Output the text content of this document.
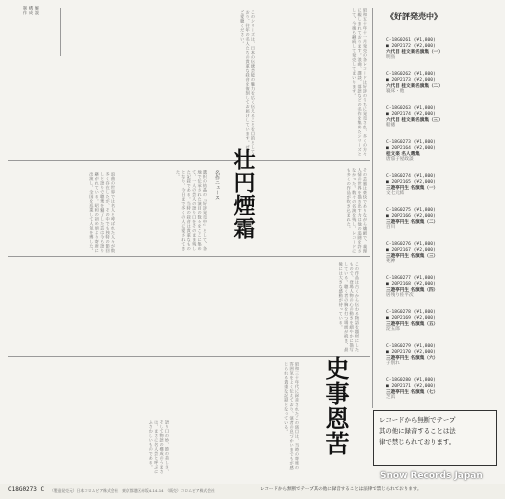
解説
構成
制作	昭和五十年十一月発売の各レコードは好評のうちに発売され、多くの方々に親しまれております。浪曲、講談、落語などの名作を集めたシリーズとして、今後も継続して発売してまいります。
このシリーズは、日本の伝統芸能の魅力を広く伝えることを目的としており、往年の名人たちの貴重な録音を復刻してお届けしています。ぜひご愛聴ください。
壮円煙霜
名作ニュース
選択の結晶の『好評発売中』として、各地で伝承された演目の数々をここに集めて、一人の芸人の語り口をそのまま残した記録である。当時の録音は貴重なものとなり、今日まで多くの人に愛されてきた。
浪曲の世界では名人と呼ばれた人々が数多く存在したが、その中でも独特の節回しと語りで聴衆を魅了した芸は今も語り継がれている。昭和の初め頃より寄席に出演し、全国を巡業して人気を博した。	その芸風は豪快でありながら繊細で、義理人情の世界を描き出す力は他の追随を許さなかった。数々の名演を残し、レコードにも多くの作品が吹き込まれた。
この作品は古くから伝わる物語を題材にしたもので、登場人物の心の動きを細やかに描写している。聴く者の胸を打つ場面が続き、最後には大きな感動が待っている。
史事恩苦
昭和三十年代に録音されたこの演目は、当時の寄席の雰囲気をよく伝えており、演者の息づかいまでもが感じられる貴重な記録となっている。
語り口の妙、節の美しさ、そして物語の構成のうまさは、まさに名人芸と呼ぶにふさわしいものである。
《好評発売中》
C-18G0261 (¥1,800)
■ 20P2172 (¥2,000)
六代目 桂文楽名演集（一）
明鳥
C-18G0262 (¥1,800)
■ 20P2173 (¥2,000)
六代目 桂文楽名演集（二）
寝床・他
C-18G0263 (¥1,800)
■ 20P2174 (¥2,000)
六代目 桂文楽名演集（三）
船徳
C-18G0273 (¥1,800)
■ 20P2164 (¥2,000)
桂文楽 名人選集
唐茄子屋政談
C-18G0274 (¥1,800)
■ 20P2165 (¥2,000)
三遊亭円生 名演集（一）
文七元結
C-18G0275 (¥1,800)
■ 20P2166 (¥2,000)
三遊亭円生 名演集（二）
百川
C-18G0276 (¥1,800)
■ 20P2167 (¥2,000)
三遊亭円生 名演集（三）
死神
C-18G0277 (¥1,800)
■ 20P2168 (¥2,000)
三遊亭円生 名演集（四）
居残り佐平次
C-18G0278 (¥1,800)
■ 20P2169 (¥2,000)
三遊亭円生 名演集（五）
淀五郎
C-18G0279 (¥1,800)
■ 20P2170 (¥2,000)
三遊亭円生 名演集（六）
子別れ
C-18G0280 (¥1,800)
■ 20P2171 (¥2,000)
三遊亭円生 名演集（七）
芝浜
レコードから無断でテープ
其の他に録音することは法
律で禁じられております。
Snow Records Japan
C18G0273 C （製造発売元）日本コロムビア株式会社　東京都港区赤坂4-14-14　（販売）コロムビア株式会社	レコードから無断でテープ其の他に録音することは法律で禁じられております。
